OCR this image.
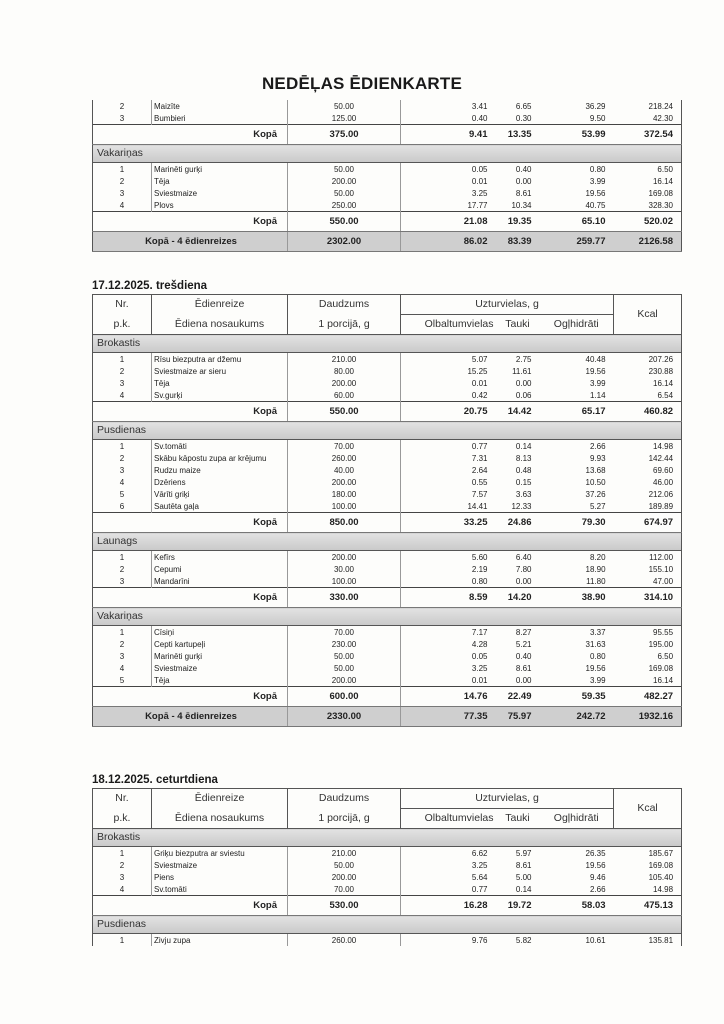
NEDĒĻAS ĒDIENKARTE
2	Maizīte	50.00	3.41	6.65	36.29	218.24
3	Bumbieri	125.00	0.40	0.30	9.50	42.30
Kopā		375.00	9.41	13.35	53.99	372.54
Vakariņas						
1	Marinēti gurķi	50.00	0.05	0.40	0.80	6.50
2	Tēja	200.00	0.01	0.00	3.99	16.14
3	Sviestmaize	50.00	3.25	8.61	19.56	169.08
4	Plovs	250.00	17.77	10.34	40.75	328.30
Kopā		550.00	21.08	19.35	65.10	520.02
Kopā - 4 ēdienreizes		2302.00	86.02	83.39	259.77	2126.58
17.12.2025. trešdiena
Nr.	Ēdienreize	Daudzums	Uzturvielas, g			Kcal
p.k.	Ēdiena nosaukums	1 porcijā, g	Olbaltumvielas	Tauki	Ogļhidrāti	
Brokastis						
1	Rīsu biezputra ar džemu	210.00	5.07	2.75	40.48	207.26
2	Sviestmaize ar sieru	80.00	15.25	11.61	19.56	230.88
3	Tēja	200.00	0.01	0.00	3.99	16.14
4	Sv.gurķi	60.00	0.42	0.06	1.14	6.54
Kopā		550.00	20.75	14.42	65.17	460.82
Pusdienas						
1	Sv.tomāti	70.00	0.77	0.14	2.66	14.98
2	Skābu kāpostu zupa ar krējumu	260.00	7.31	8.13	9.93	142.44
3	Rudzu maize	40.00	2.64	0.48	13.68	69.60
4	Dzēriens	200.00	0.55	0.15	10.50	46.00
5	Vārīti griķi	180.00	7.57	3.63	37.26	212.06
6	Sautēta gaļa	100.00	14.41	12.33	5.27	189.89
Kopā		850.00	33.25	24.86	79.30	674.97
Launags						
1	Kefīrs	200.00	5.60	6.40	8.20	112.00
2	Cepumi	30.00	2.19	7.80	18.90	155.10
3	Mandarīni	100.00	0.80	0.00	11.80	47.00
Kopā		330.00	8.59	14.20	38.90	314.10
Vakariņas						
1	Cīsiņi	70.00	7.17	8.27	3.37	95.55
2	Cepti kartupeļi	230.00	4.28	5.21	31.63	195.00
3	Marinēti gurķi	50.00	0.05	0.40	0.80	6.50
4	Sviestmaize	50.00	3.25	8.61	19.56	169.08
5	Tēja	200.00	0.01	0.00	3.99	16.14
Kopā		600.00	14.76	22.49	59.35	482.27
Kopā - 4 ēdienreizes		2330.00	77.35	75.97	242.72	1932.16
18.12.2025. ceturtdiena
Nr.	Ēdienreize	Daudzums	Uzturvielas, g			Kcal
p.k.	Ēdiena nosaukums	1 porcijā, g	Olbaltumvielas	Tauki	Ogļhidrāti	
Brokastis						
1	Griķu biezputra ar sviestu	210.00	6.62	5.97	26.35	185.67
2	Sviestmaize	50.00	3.25	8.61	19.56	169.08
3	Piens	200.00	5.64	5.00	9.46	105.40
4	Sv.tomāti	70.00	0.77	0.14	2.66	14.98
Kopā		530.00	16.28	19.72	58.03	475.13
Pusdienas						
1	Zivju zupa	260.00	9.76	5.82	10.61	135.81
